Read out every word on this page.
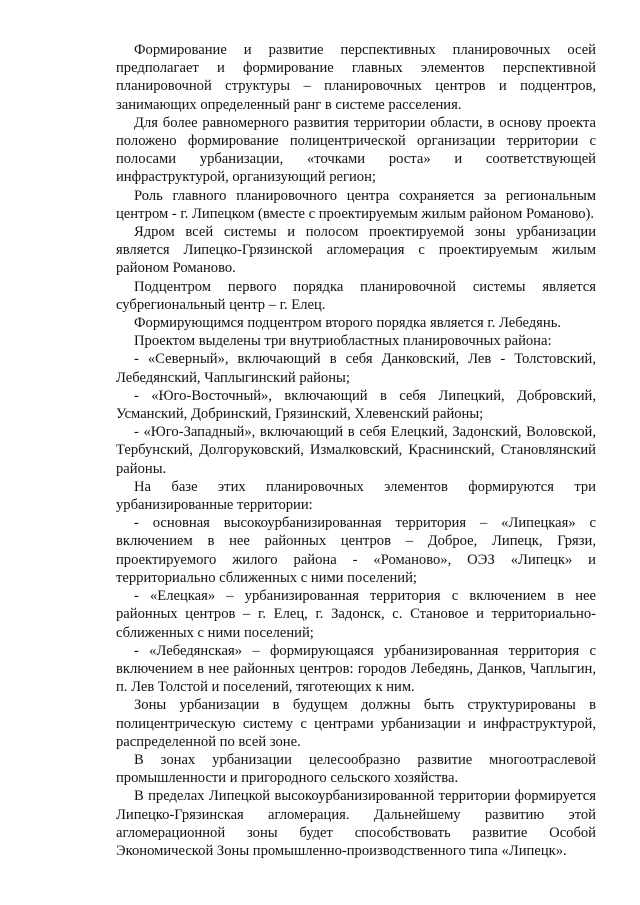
Формирование и развитие перспективных планировочных осей предполагает и формирование главных элементов перспективной планировочной структуры – планировочных центров и подцентров, занимающих определенный ранг в системе расселения.

Для более равномерного развития территории области, в основу проекта положено формирование полицентрической организации территории с полосами урбанизации, «точками роста» и соответствующей инфраструктурой, организующий регион;

Роль главного планировочного центра сохраняется за региональным центром - г. Липецком (вместе с проектируемым жилым районом Романово).

Ядром всей системы и полосом проектируемой зоны урбанизации является Липецко-Грязинской агломерация с проектируемым жилым районом Романово.

Подцентром первого порядка планировочной системы является субрегиональный центр – г. Елец.

Формирующимся подцентром второго порядка является г. Лебедянь.

Проектом выделены три внутриобластных планировочных района:

- «Северный», включающий в себя Данковский, Лев - Толстовский, Лебедянский, Чаплыгинский районы;

- «Юго-Восточный», включающий в себя Липецкий, Добровский, Усманский, Добринский, Грязинский, Хлевенский районы;

- «Юго-Западный», включающий в себя Елецкий, Задонский, Воловской, Тербунский, Долгоруковский, Измалковский, Краснинский, Становлянский районы.

На базе этих планировочных элементов формируются три урбанизированные территории:

- основная высокоурбанизированная территория – «Липецкая» с включением в нее районных центров – Доброе, Липецк, Грязи, проектируемого жилого района - «Романово», ОЭЗ «Липецк» и территориально сближенных с ними поселений;

- «Елецкая» – урбанизированная территория с включением в нее районных центров – г. Елец, г. Задонск, с. Становое и территориально-сближенных с ними поселений;

- «Лебедянская» – формирующаяся урбанизированная территория с включением в нее районных центров: городов Лебедянь, Данков, Чаплыгин, п. Лев Толстой и поселений, тяготеющих к ним.

Зоны урбанизации в будущем должны быть структурированы в полицентрическую систему с центрами урбанизации и инфраструктурой, распределенной по всей зоне.

В зонах урбанизации целесообразно развитие многоотраслевой промышленности и пригородного сельского хозяйства.

В пределах Липецкой высокоурбанизированной территории формируется Липецко-Грязинская агломерация. Дальнейшему развитию этой агломерационной зоны будет способствовать развитие Особой Экономической Зоны промышленно-производственного типа «Липецк».
